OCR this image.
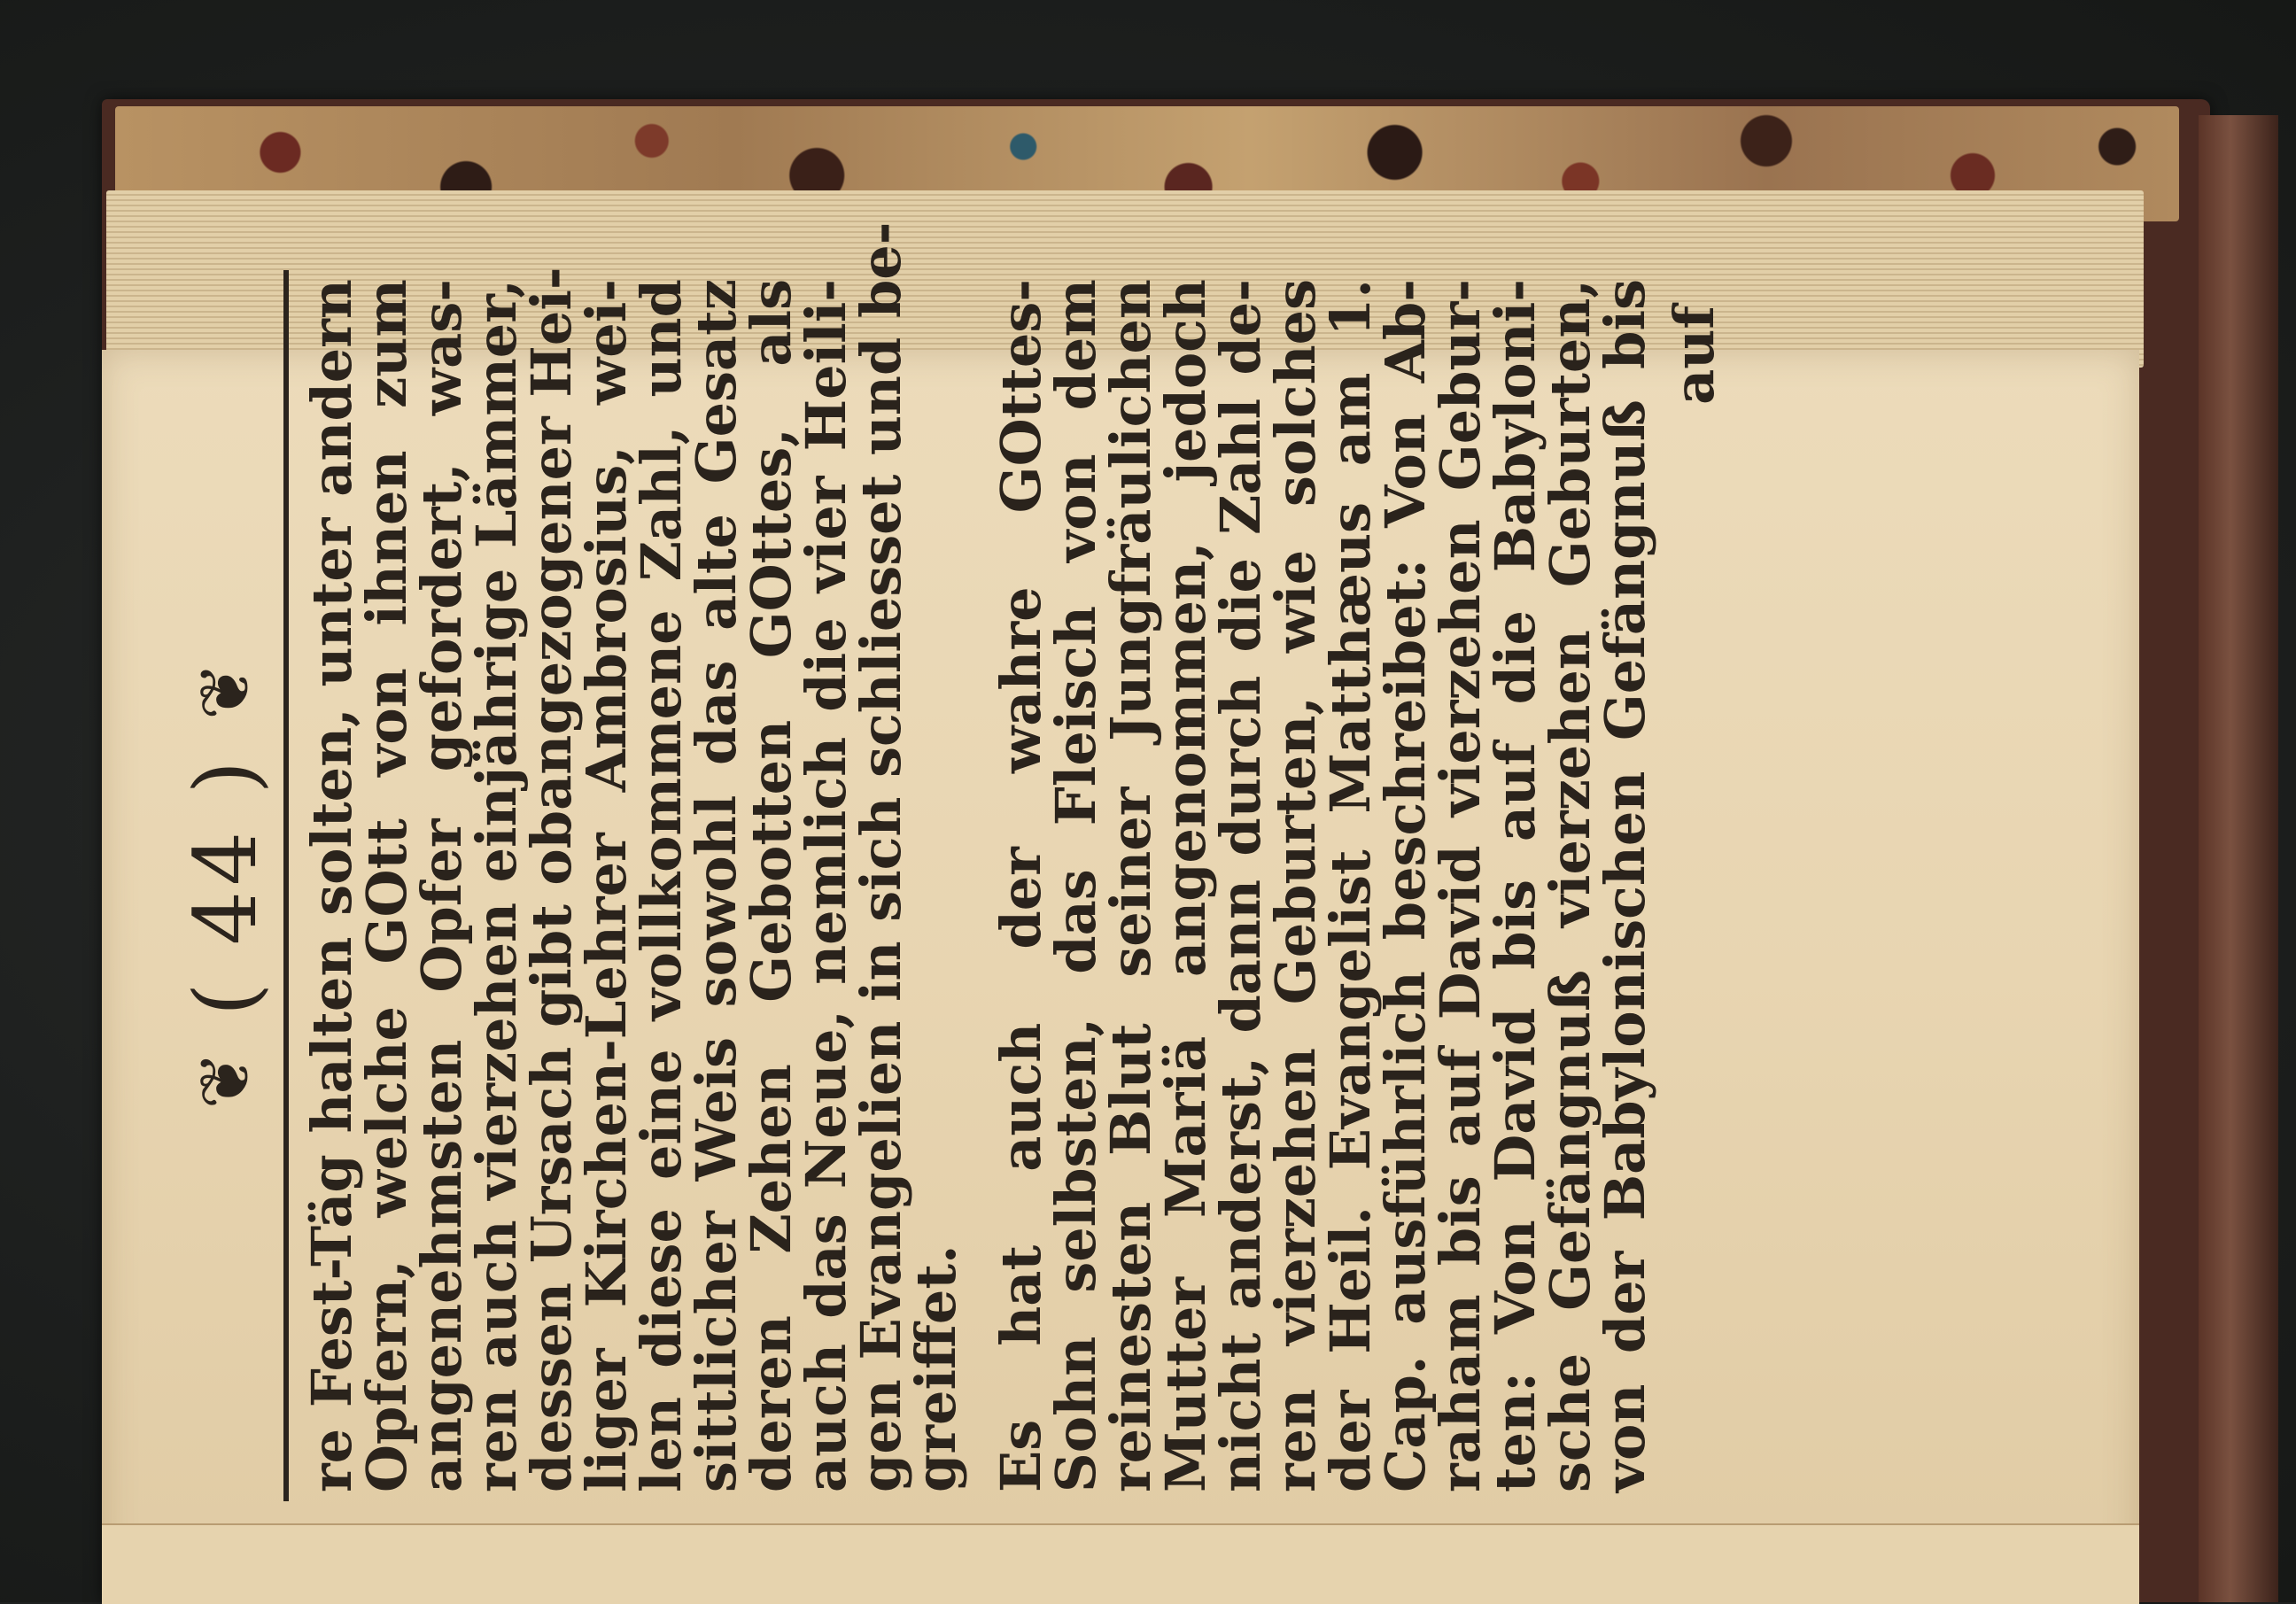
❦
( 44 )
❦ re Fest-Täg halten solten, unter andern
Opfern, welche GOtt von ihnen zum
angenehmsten Opfer gefordert, was-
ren auch vierzehen einjährige Lämmer,
dessen Ursach gibt obangezogener Hei-
liger Kirchen-Lehrer Ambrosius, wei-
len diese eine vollkommene Zahl, und
sittlicher Weis sowohl das alte Gesatz
deren Zehen Gebotten GOttes, als
auch das Neue, nemlich die vier Heili-
gen Evangelien in sich schliesset und be-
greiffet. Es hat auch der wahre GOttes-
Sohn selbsten, das Fleisch von dem
reinesten Blut seiner Jungfräulichen
Mutter Mariä angenommen, jedoch
nicht anderst, dann durch die Zahl de-
ren vierzehen Geburten, wie solches
der Heil. Evangelist Matthæus am 1.
Cap. ausführlich beschreibet: Von Ab-
raham bis auf David vierzehen Gebur-
ten: Von David bis auf die Babyloni-
sche Gefängnuß vierzehen Geburten,
von der Babylonischen Gefängnuß bis auf
